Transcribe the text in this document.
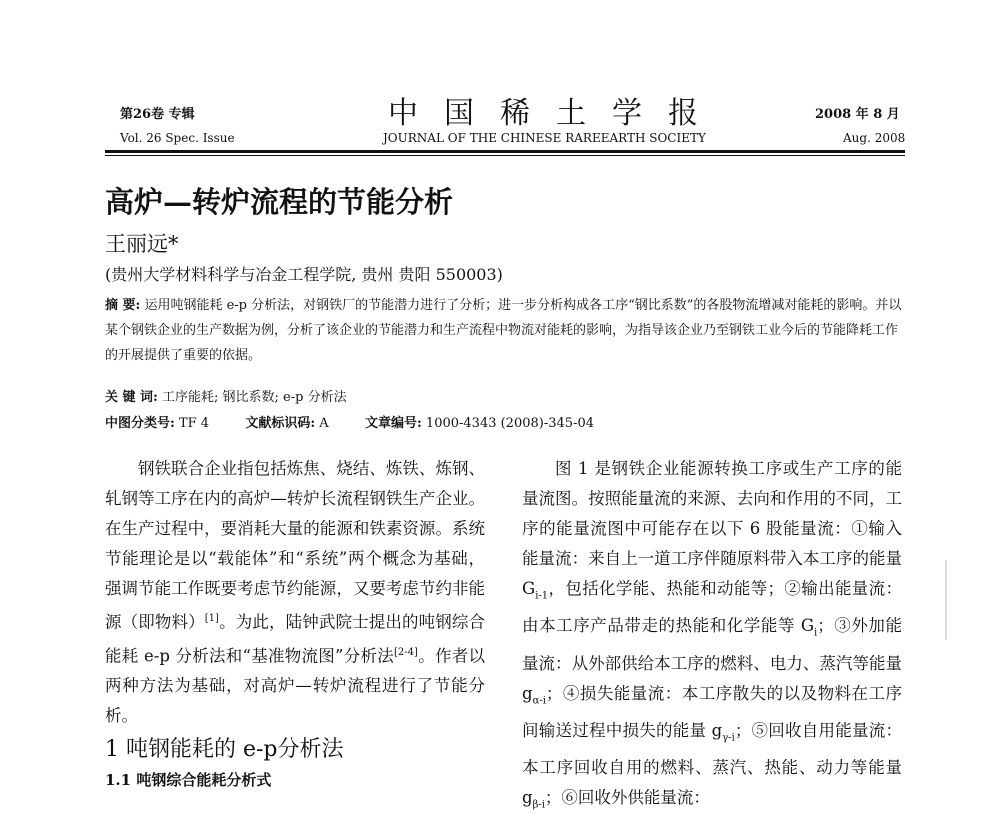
第26卷 专辑	中国稀土学报	2008 年 8 月
Vol. 26 Spec. Issue	JOURNAL OF THE CHINESE RAREEARTH SOCIETY	Aug. 2008
高炉—转炉流程的节能分析
王丽远*
(贵州大学材料科学与冶金工程学院, 贵州 贵阳 550003)
摘 要: 运用吨钢能耗 e-p 分析法，对钢铁厂的节能潜力进行了分析；进一步分析构成各工序“钢比系数”的各股物流增减对能耗的影响。并以某个钢铁企业的生产数据为例，分析了该企业的节能潜力和生产流程中物流对能耗的影响，为指导该企业乃至钢铁工业今后的节能降耗工作的开展提供了重要的依据。
关 键 词: 工序能耗; 钢比系数; e-p 分析法
中图分类号: TF 4	文献标识码: A	文章编号: 1000-4343 (2008)-345-04

钢铁联合企业指包括炼焦、烧结、炼铁、炼钢、轧钢等工序在内的高炉—转炉长流程钢铁生产企业。在生产过程中，要消耗大量的能源和铁素资源。系统节能理论是以“载能体”和“系统”两个概念为基础，强调节能工作既要考虑节约能源，又要考虑节约非能源（即物料）[1]。为此，陆钟武院士提出的吨钢综合能耗 e-p 分析法和“基准物流图”分析法[2-4]。作者以两种方法为基础，对高炉—转炉流程进行了节能分析。

1 吨钢能耗的 e-p分析法
1.1 吨钢综合能耗分析式

图 1 是钢铁企业能源转换工序或生产工序的能量流图。按照能量流的来源、去向和作用的不同，工序的能量流图中可能存在以下 6 股能量流：①输入能量流：来自上一道工序伴随原料带入本工序的能量 $G_{i-1}$，包括化学能、热能和动能等；②输出能量流：由本工序产品带走的热能和化学能等 $G_i$；③外加能量流：从外部供给本工序的燃料、电力、蒸汽等能量 $g_{\alpha-i}$；④损失能量流：本工序散失的以及物料在工序间输送过程中损失的能量 $g_{\gamma-i}$；⑤回收自用能量流：本工序回收自用的燃料、蒸汽、热能、动力等能量 $g_{\beta-i}$；⑥回收外供能量流：
